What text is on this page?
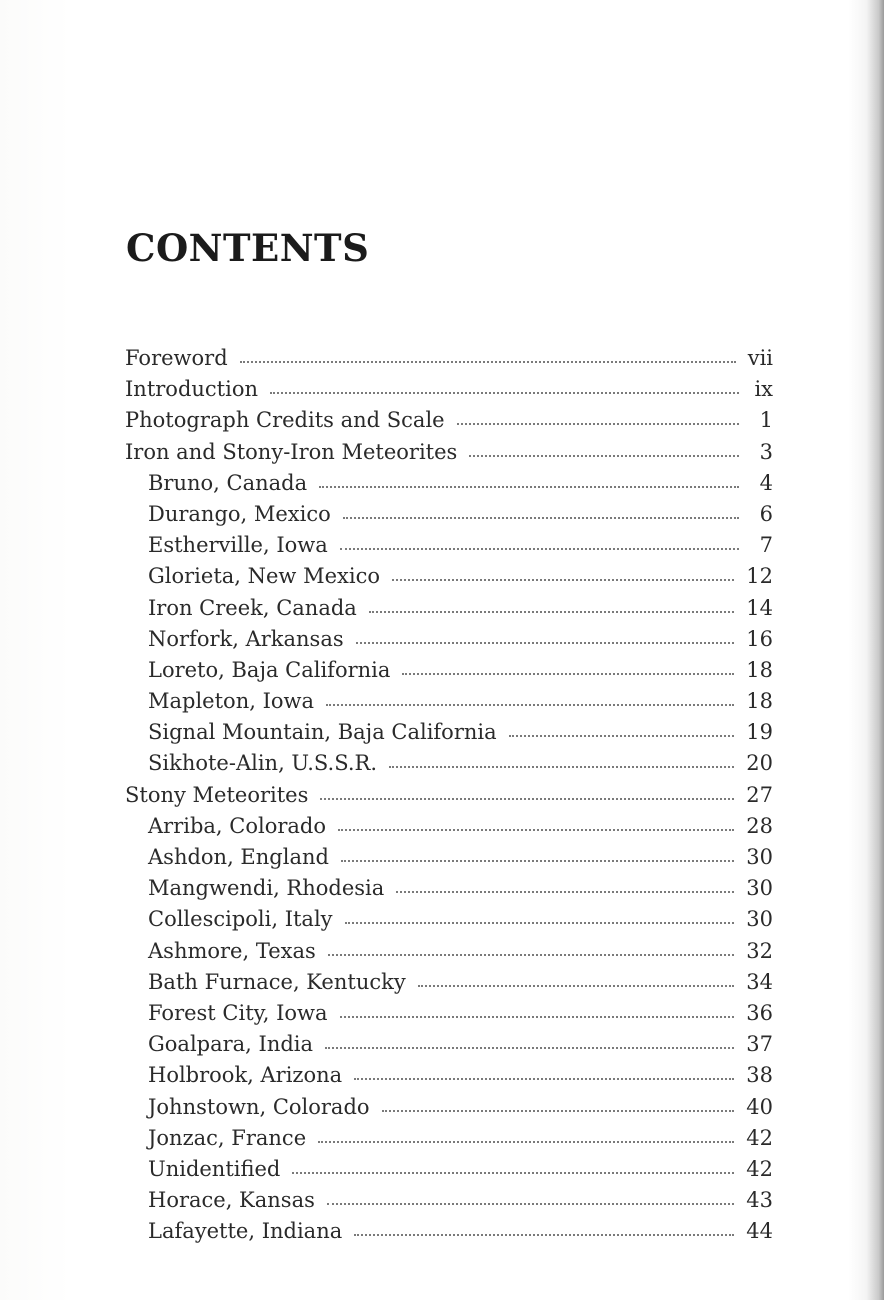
CONTENTS
Foreword	vii
Introduction	ix
Photograph Credits and Scale	1
Iron and Stony-Iron Meteorites	3
Bruno, Canada	4
Durango, Mexico	6
Estherville, Iowa	7
Glorieta, New Mexico	12
Iron Creek, Canada	14
Norfork, Arkansas	16
Loreto, Baja California	18
Mapleton, Iowa	18
Signal Mountain, Baja California	19
Sikhote-Alin, U.S.S.R.	20
Stony Meteorites	27
Arriba, Colorado	28
Ashdon, England	30
Mangwendi, Rhodesia	30
Collescipoli, Italy	30
Ashmore, Texas	32
Bath Furnace, Kentucky	34
Forest City, Iowa	36
Goalpara, India	37
Holbrook, Arizona	38
Johnstown, Colorado	40
Jonzac, France	42
Unidentified	42
Horace, Kansas	43
Lafayette, Indiana	44
